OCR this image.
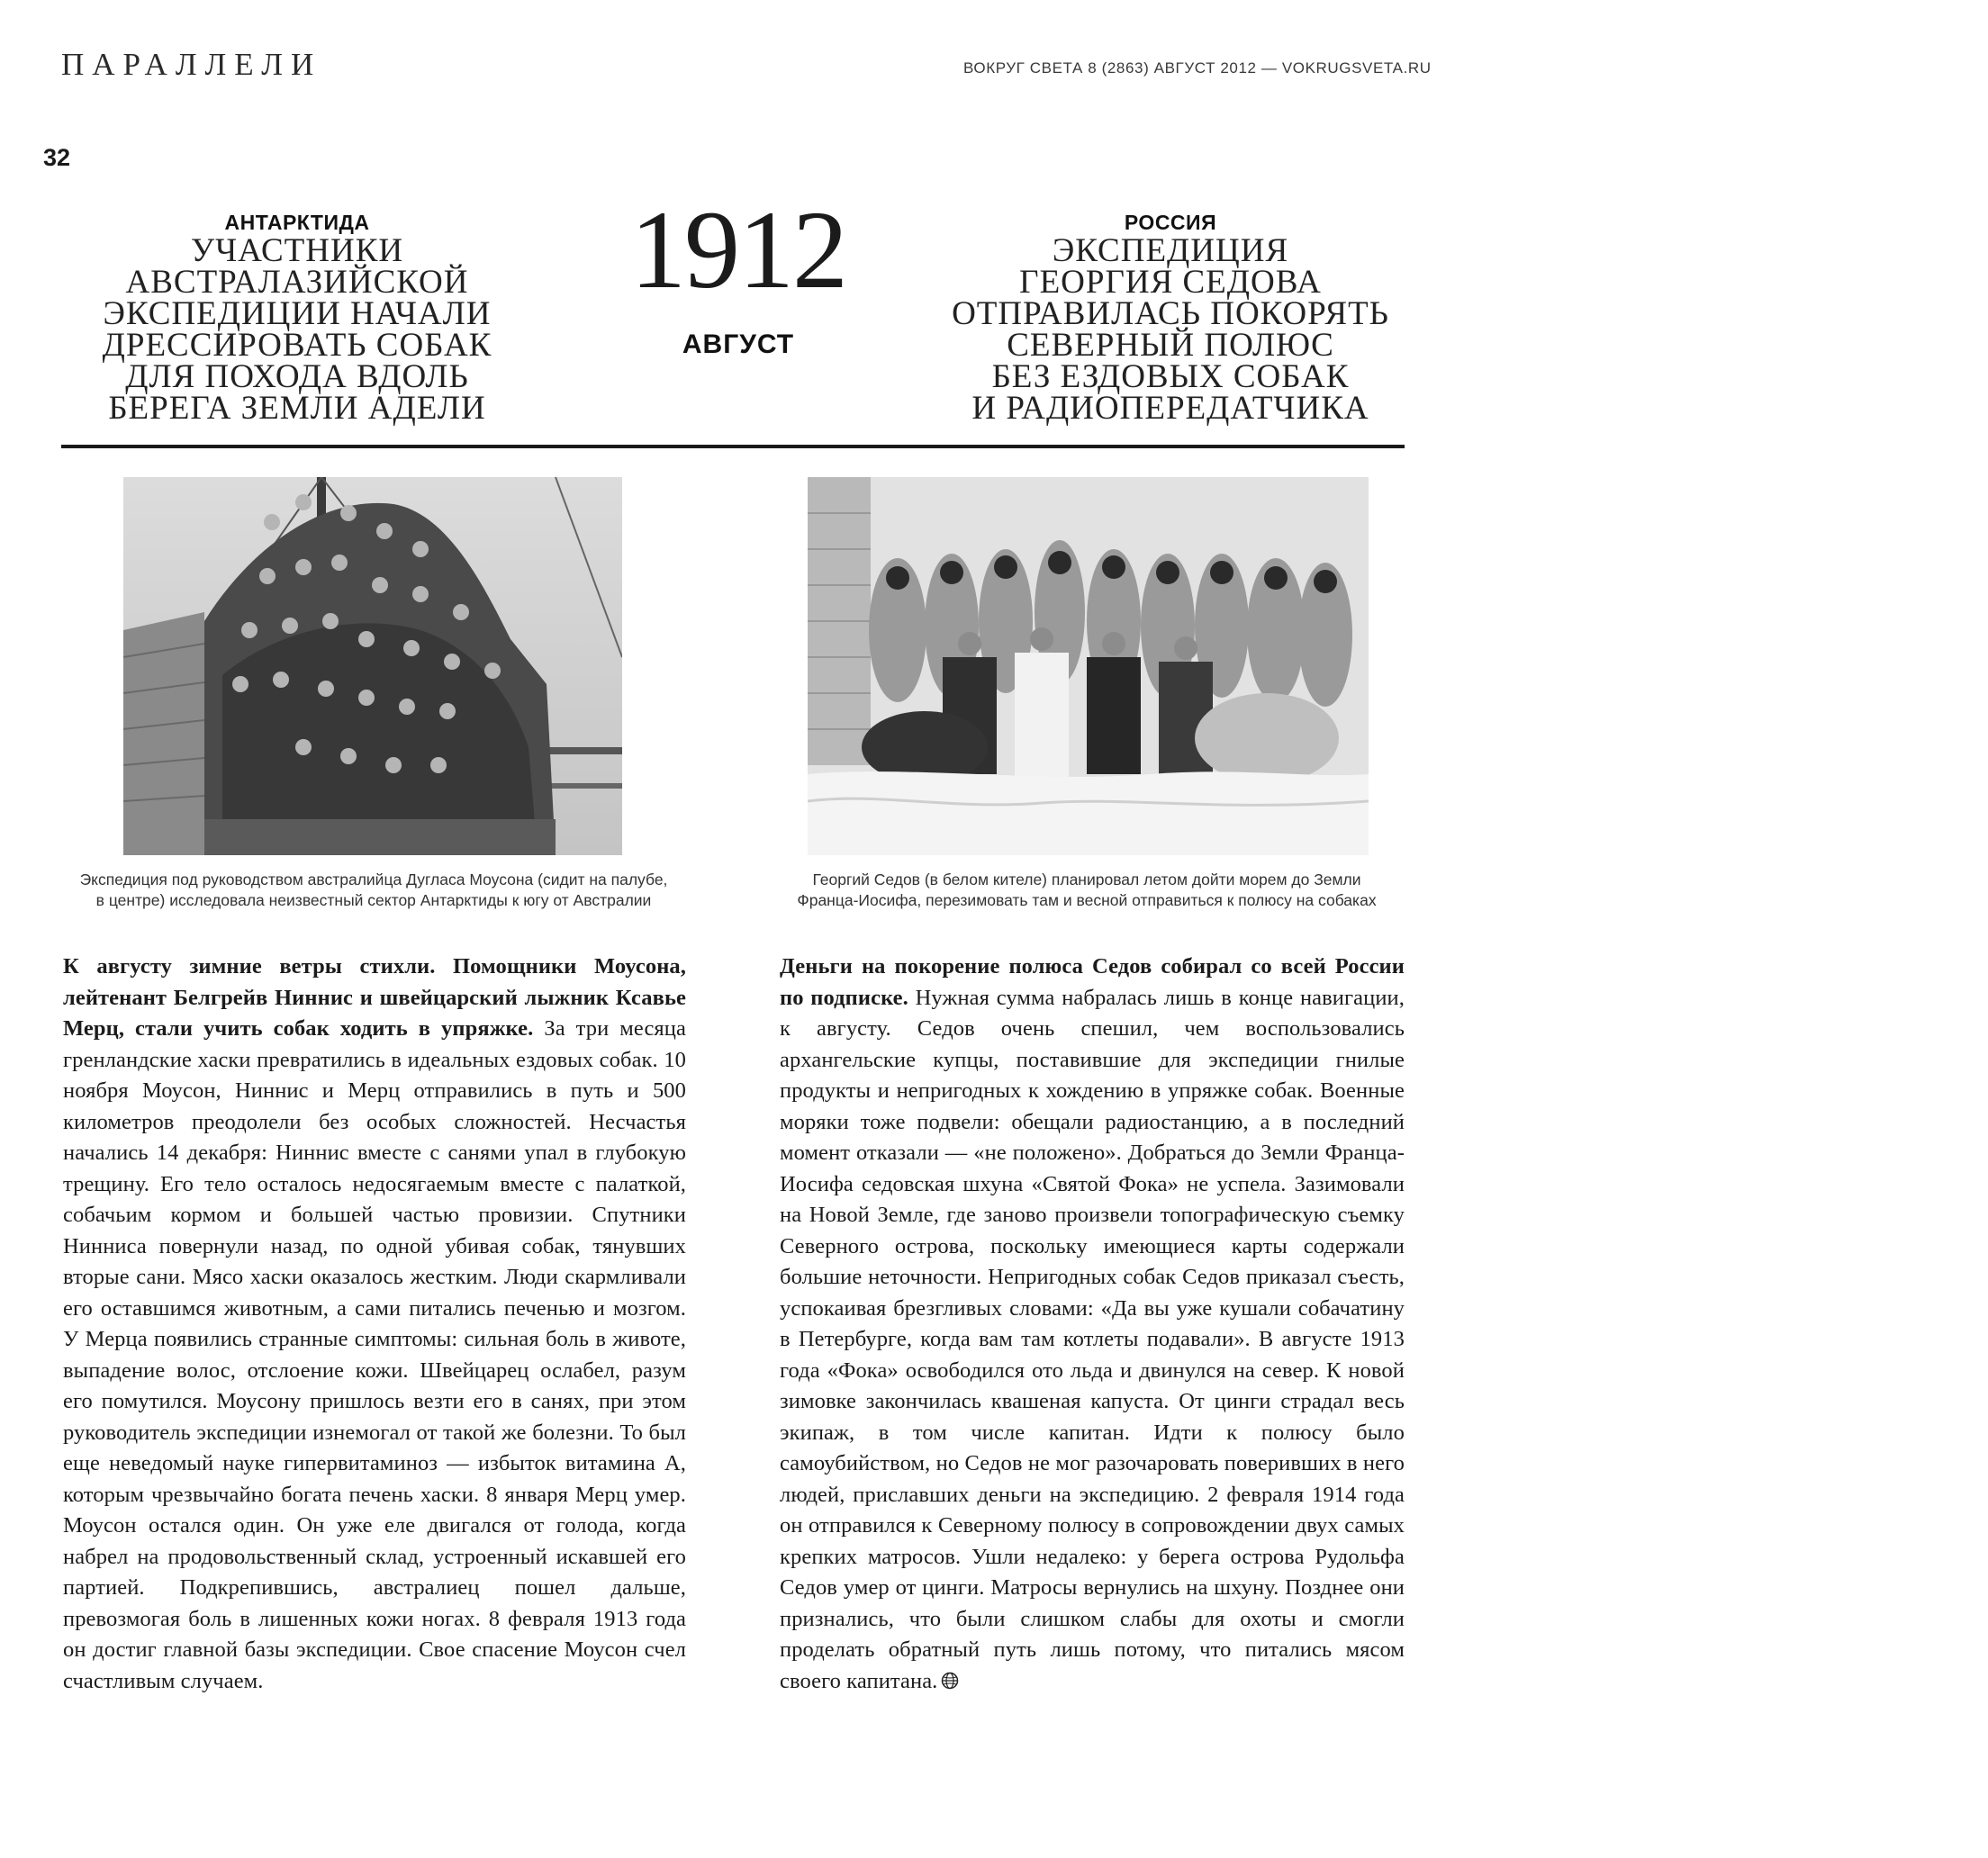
ПАРАЛЛЕЛИ	ВОКРУГ СВЕТА 8 (2863) АВГУСТ 2012 — VOKRUGSVETA.RU
32
АНТАРКТИДА
УЧАСТНИКИ
АВСТРАЛАЗИЙСКОЙ
ЭКСПЕДИЦИИ НАЧАЛИ
ДРЕССИРОВАТЬ СОБАК
ДЛЯ ПОХОДА ВДОЛЬ
БЕРЕГА ЗЕМЛИ АДЕЛИ
1912
АВГУСТ
РОССИЯ
ЭКСПЕДИЦИЯ
ГЕОРГИЯ СЕДОВА
ОТПРАВИЛАСЬ ПОКОРЯТЬ
СЕВЕРНЫЙ ПОЛЮС
БЕЗ ЕЗДОВЫХ СОБАК
И РАДИОПЕРЕДАТЧИКА
Экспедиция под руководством австралийца Дугласа Моусона (сидит на палубе,
в центре) исследовала неизвестный сектор Антарктиды к югу от Австралии
Георгий Седов (в белом кителе) планировал летом дойти морем до Земли
Франца-Иосифа, перезимовать там и весной отправиться к полюсу на собаках
К августу зимние ветры стихли. Помощники Моусона, лейтенант Белгрейв Ниннис и швейцарский лыжник Ксавье Мерц, стали учить собак ходить в упряжке. За три месяца гренландские хаски превратились в идеальных ездовых собак. 10 ноября Моусон, Ниннис и Мерц отправились в путь и 500 километров преодолели без особых сложностей. Несчастья начались 14 декабря: Ниннис вместе с санями упал в глубокую трещину. Его тело осталось недосягаемым вместе с палаткой, собачьим кормом и большей частью провизии. Спутники Нинниса повернули назад, по одной убивая собак, тянувших вторые сани. Мясо хаски оказалось жестким. Люди скармливали его оставшимся животным, а сами питались печенью и мозгом. У Мерца появились странные симптомы: сильная боль в животе, выпадение волос, отслоение кожи. Швейцарец ослабел, разум его помутился. Моусону пришлось везти его в санях, при этом руководитель экспедиции изнемогал от такой же болезни. То был еще неведомый науке гипервитаминоз — избыток витамина А, которым чрезвычайно богата печень хаски. 8 января Мерц умер. Моусон остался один. Он уже еле двигался от голода, когда набрел на продовольственный склад, устроенный искавшей его партией. Подкрепившись, австралиец пошел дальше, превозмогая боль в лишенных кожи ногах. 8 февраля 1913 года он достиг главной базы экспедиции. Свое спасение Моусон счел счастливым случаем.
Деньги на покорение полюса Седов собирал со всей России по подписке. Нужная сумма набралась лишь в конце навигации, к августу. Седов очень спешил, чем воспользовались архангельские купцы, поставившие для экспедиции гнилые продукты и непригодных к хождению в упряжке собак. Военные моряки тоже подвели: обещали радиостанцию, а в последний момент отказали — «не положено». Добраться до Земли Франца-Иосифа седовская шхуна «Святой Фока» не успела. Зазимовали на Новой Земле, где заново произвели топографическую съемку Северного острова, поскольку имеющиеся карты содержали большие неточности. Непригодных собак Седов приказал съесть, успокаивая брезгливых словами: «Да вы уже кушали собачатину в Петербурге, когда вам там котлеты подавали». В августе 1913 года «Фока» освободился ото льда и двинулся на север. К новой зимовке закончилась квашеная капуста. От цинги страдал весь экипаж, в том числе капитан. Идти к полюсу было самоубийством, но Седов не мог разочаровать поверивших в него людей, приславших деньги на экспедицию. 2 февраля 1914 года он отправился к Северному полюсу в сопровождении двух самых крепких матросов. Ушли недалеко: у берега острова Рудольфа Седов умер от цинги. Матросы вернулись на шхуну. Позднее они признались, что были слишком слабы для охоты и смогли проделать обратный путь лишь потому, что питались мясом своего капитана.
